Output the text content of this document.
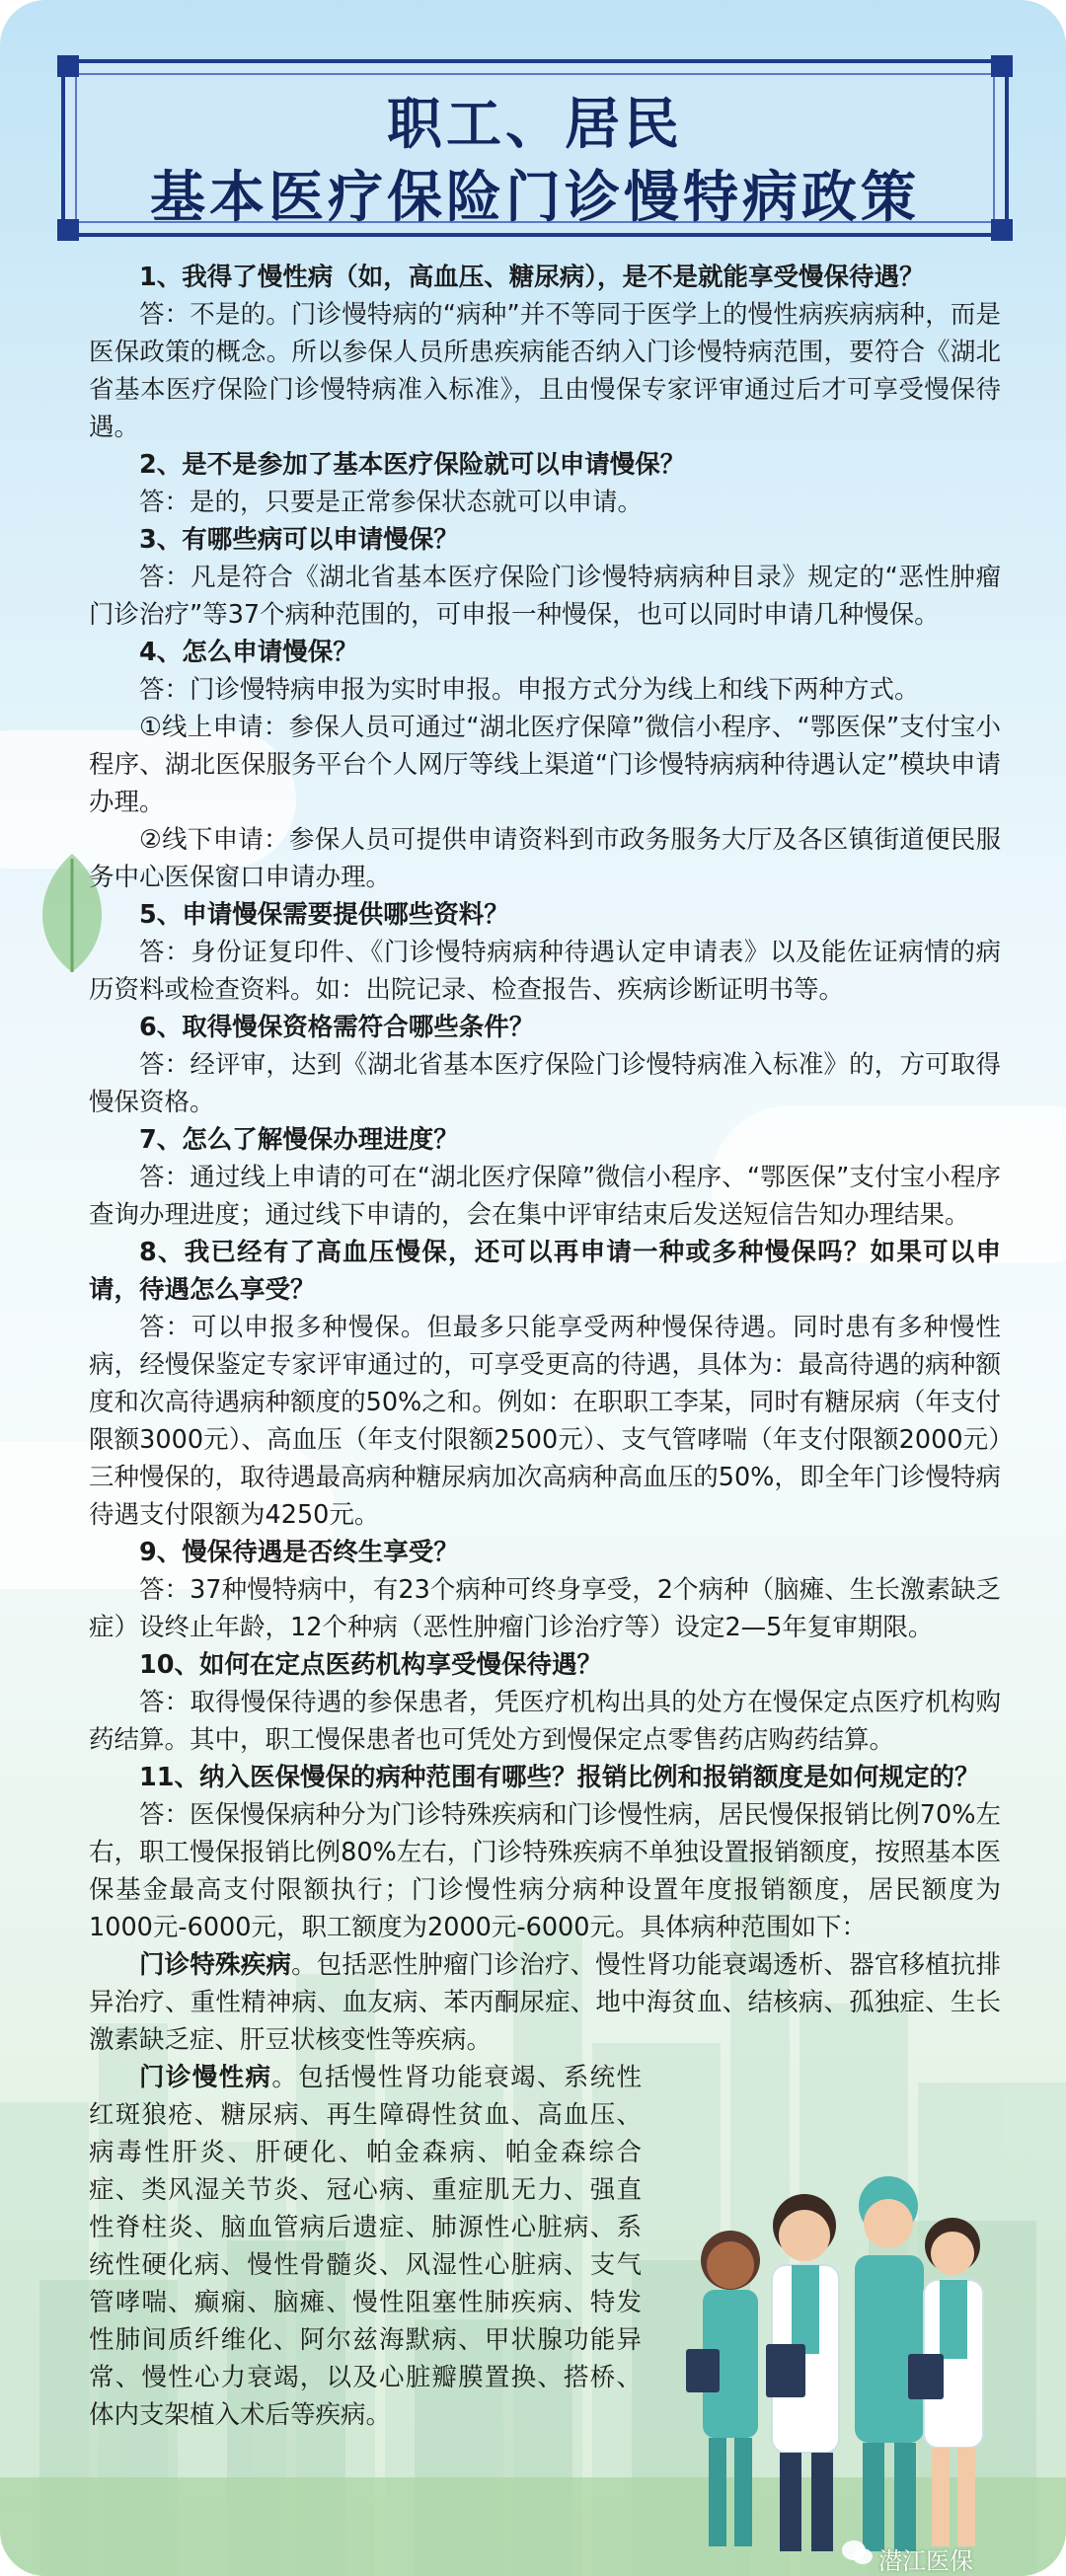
职工、居民
基本医疗保险门诊慢特病政策

1、我得了慢性病（如，高血压、糖尿病），是不是就能享受慢保待遇？

答：不是的。门诊慢特病的“病种”并不等同于医学上的慢性病疾病病种，而是医保政策的概念。所以参保人员所患疾病能否纳入门诊慢特病范围，要符合《湖北省基本医疗保险门诊慢特病准入标准》，且由慢保专家评审通过后才可享受慢保待遇。

2、是不是参加了基本医疗保险就可以申请慢保？

答：是的，只要是正常参保状态就可以申请。

3、有哪些病可以申请慢保？

答：凡是符合《湖北省基本医疗保险门诊慢特病病种目录》规定的“恶性肿瘤门诊治疗”等37个病种范围的，可申报一种慢保，也可以同时申请几种慢保。

4、怎么申请慢保？

答：门诊慢特病申报为实时申报。申报方式分为线上和线下两种方式。

①线上申请：参保人员可通过“湖北医疗保障”微信小程序、“鄂医保”支付宝小程序、湖北医保服务平台个人网厅等线上渠道“门诊慢特病病种待遇认定”模块申请办理。

②线下申请：参保人员可提供申请资料到市政务服务大厅及各区镇街道便民服务中心医保窗口申请办理。

5、申请慢保需要提供哪些资料？

答：身份证复印件、《门诊慢特病病种待遇认定申请表》以及能佐证病情的病历资料或检查资料。如：出院记录、检查报告、疾病诊断证明书等。

6、取得慢保资格需符合哪些条件？

答：经评审，达到《湖北省基本医疗保险门诊慢特病准入标准》的，方可取得慢保资格。

7、怎么了解慢保办理进度？

答：通过线上申请的可在“湖北医疗保障”微信小程序、“鄂医保”支付宝小程序查询办理进度；通过线下申请的，会在集中评审结束后发送短信告知办理结果。

8、我已经有了高血压慢保，还可以再申请一种或多种慢保吗？如果可以申请，待遇怎么享受？

答：可以申报多种慢保。但最多只能享受两种慢保待遇。同时患有多种慢性病，经慢保鉴定专家评审通过的，可享受更高的待遇，具体为：最高待遇的病种额度和次高待遇病种额度的50%之和。例如：在职职工李某，同时有糖尿病（年支付限额3000元）、高血压（年支付限额2500元）、支气管哮喘（年支付限额2000元）三种慢保的，取待遇最高病种糖尿病加次高病种高血压的50%，即全年门诊慢特病待遇支付限额为4250元。

9、慢保待遇是否终生享受？

答：37种慢特病中，有23个病种可终身享受，2个病种（脑瘫、生长激素缺乏症）设终止年龄，12个种病（恶性肿瘤门诊治疗等）设定2—5年复审期限。

10、如何在定点医药机构享受慢保待遇？

答：取得慢保待遇的参保患者，凭医疗机构出具的处方在慢保定点医疗机构购药结算。其中，职工慢保患者也可凭处方到慢保定点零售药店购药结算。

11、纳入医保慢保的病种范围有哪些？报销比例和报销额度是如何规定的？

答：医保慢保病种分为门诊特殊疾病和门诊慢性病，居民慢保报销比例70%左右，职工慢保报销比例80%左右，门诊特殊疾病不单独设置报销额度，按照基本医保基金最高支付限额执行；门诊慢性病分病种设置年度报销额度，居民额度为1000元-6000元，职工额度为2000元-6000元。具体病种范围如下：

门诊特殊疾病。包括恶性肿瘤门诊治疗、慢性肾功能衰竭透析、器官移植抗排异治疗、重性精神病、血友病、苯丙酮尿症、地中海贫血、结核病、孤独症、生长激素缺乏症、肝豆状核变性等疾病。

门诊慢性病。包括慢性肾功能衰竭、系统性红斑狼疮、糖尿病、再生障碍性贫血、高血压、病毒性肝炎、肝硬化、帕金森病、帕金森综合症、类风湿关节炎、冠心病、重症肌无力、强直性脊柱炎、脑血管病后遗症、肺源性心脏病、系统性硬化病、慢性骨髓炎、风湿性心脏病、支气管哮喘、癫痫、脑瘫、慢性阻塞性肺疾病、特发性肺间质纤维化、阿尔兹海默病、甲状腺功能异常、慢性心力衰竭，以及心脏瓣膜置换、搭桥、体内支架植入术后等疾病。

潜江医保
